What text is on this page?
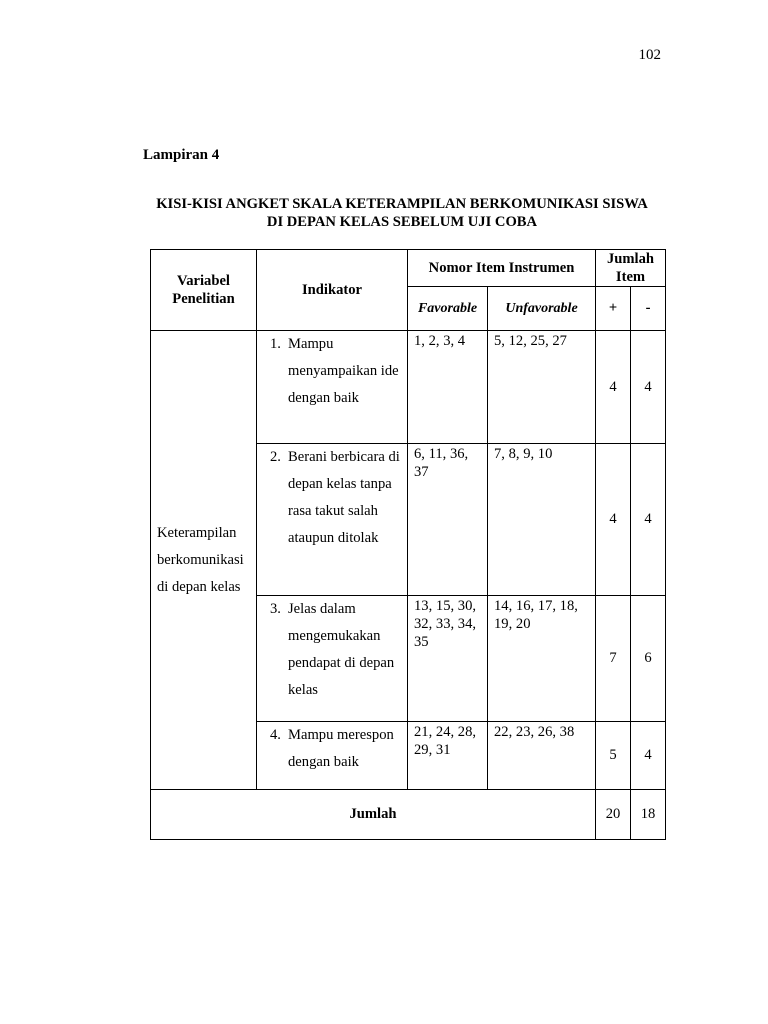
102
Lampiran 4
KISI-KISI ANGKET SKALA KETERAMPILAN BERKOMUNIKASI SISWA
DI DEPAN KELAS SEBELUM UJI COBA
Variabel Penelitian	Indikator	Nomor Item Instrumen		Jumlah Item	
		Favorable	Unfavorable	+	-
Keterampilan berkomunikasi di depan kelas	1. Mampu menyampaikan ide dengan baik	1, 2, 3, 4	5, 12, 25, 27	4	4

	2. Berani berbicara di depan kelas tanpa rasa takut salah ataupun ditolak	6, 11, 36, 37	7, 8, 9, 10	4	4

	3. Jelas dalam mengemukakan pendapat di depan kelas	13, 15, 30, 32, 33, 34, 35	14, 16, 17, 18, 19, 20	7	6

	4. Mampu merespon dengan baik	21, 24, 28, 29, 31	22, 23, 26, 38	5	4
Jumlah				20	18
